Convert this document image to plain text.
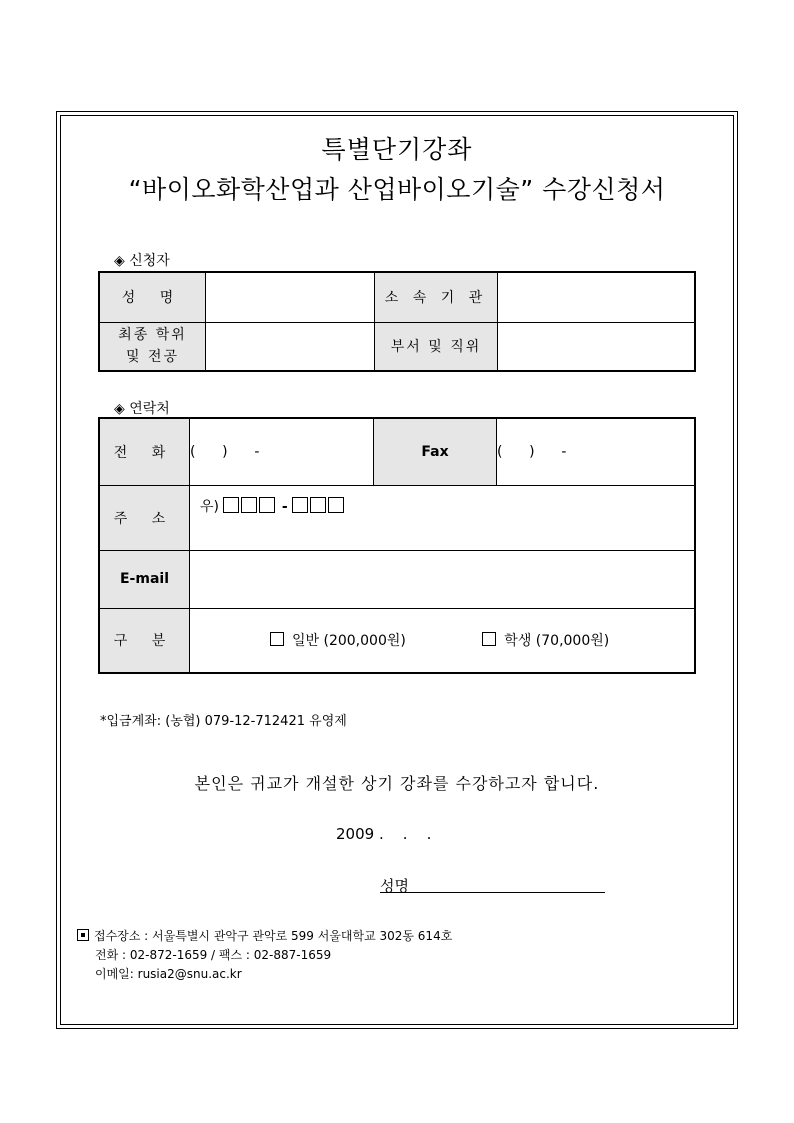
특별단기강좌
“바이오화학산업과 산업바이오기술” 수강신청서
◈ 신청자
성 명		소 속 기 관	

최종 학위
및 전공		부서 및 직위	
◈ 연락처
전 화	(      )      -	Fax	(      )      -
주 소	우) -		
E-mail			
구 분	일반 (200,000원) 학생 (70,000원)		
*입금계좌: (농협) 079-12-712421 유영제
본인은 귀교가 개설한 상기 강좌를 수강하고자 합니다.
2009 .    .    .
성명
접수장소 : 서울특별시 관악구 관악로 599 서울대학교 302동 614호
전화 : 02-872-1659 / 팩스 : 02-887-1659
이메일: rusia2@snu.ac.kr
